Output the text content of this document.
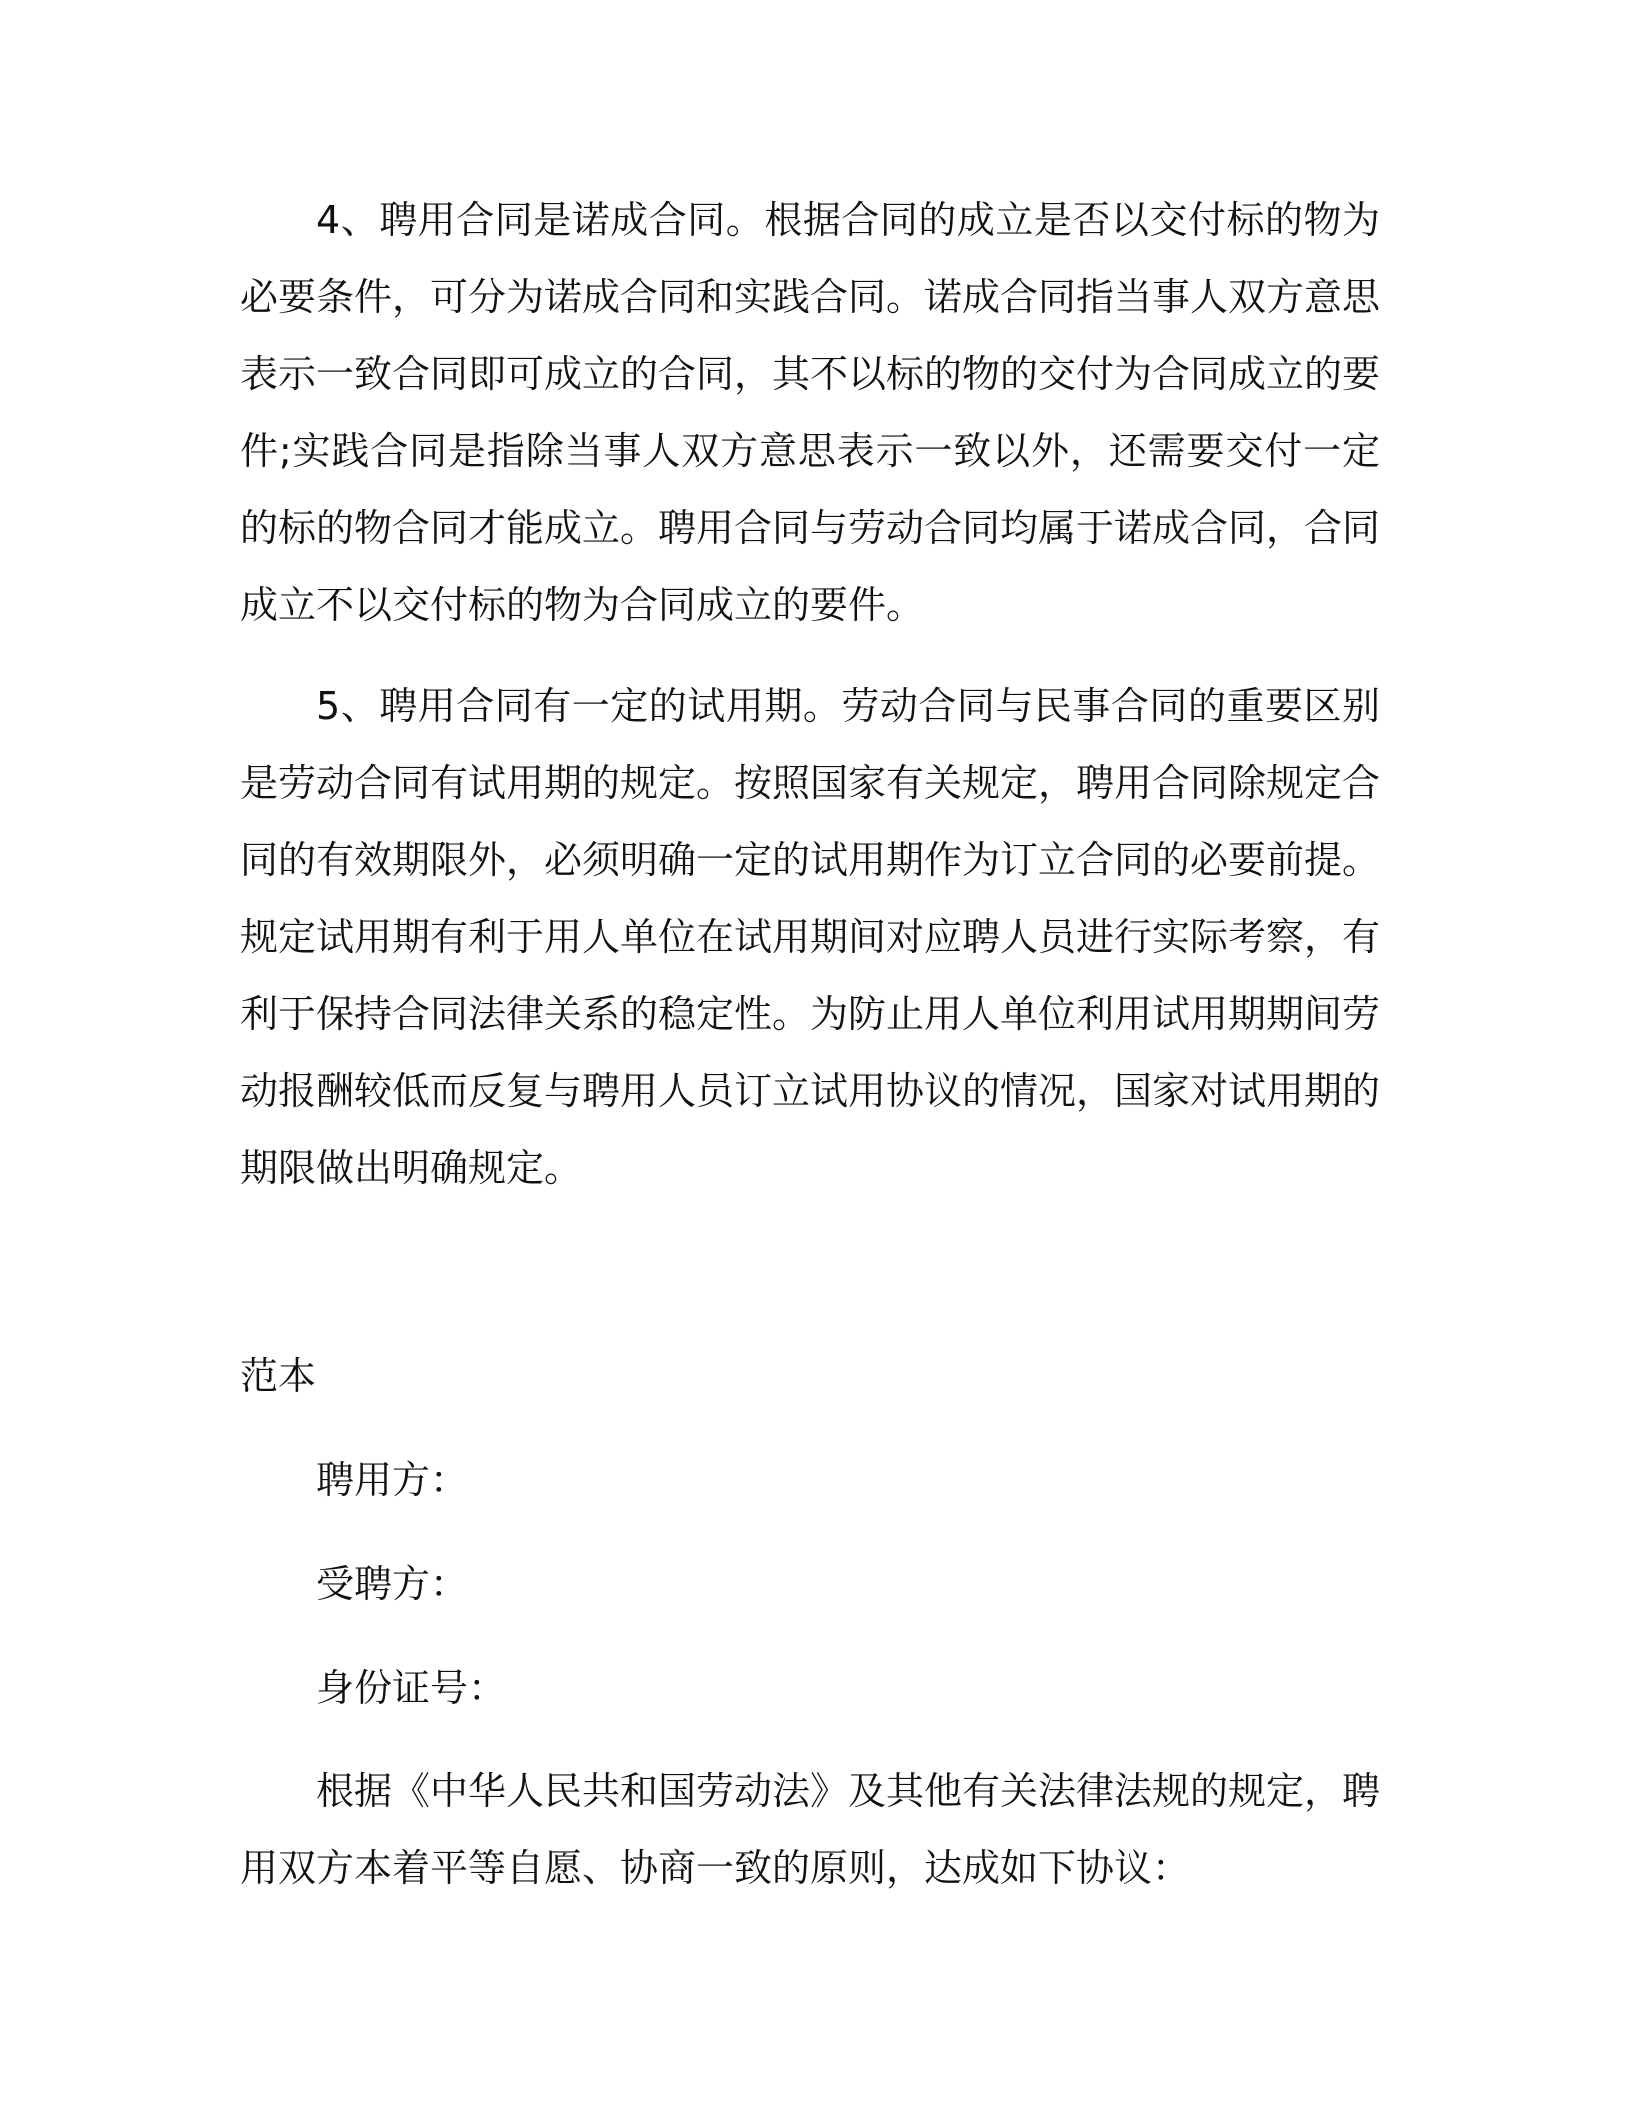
4、聘用合同是诺成合同。根据合同的成立是否以交付标的物为必要条件，可分为诺成合同和实践合同。诺成合同指当事人双方意思表示一致合同即可成立的合同，其不以标的物的交付为合同成立的要件;实践合同是指除当事人双方意思表示一致以外，还需要交付一定的标的物合同才能成立。聘用合同与劳动合同均属于诺成合同，合同成立不以交付标的物为合同成立的要件。

5、聘用合同有一定的试用期。劳动合同与民事合同的重要区别是劳动合同有试用期的规定。按照国家有关规定，聘用合同除规定合同的有效期限外，必须明确一定的试用期作为订立合同的必要前提。规定试用期有利于用人单位在试用期间对应聘人员进行实际考察，有利于保持合同法律关系的稳定性。为防止用人单位利用试用期期间劳动报酬较低而反复与聘用人员订立试用协议的情况，国家对试用期的期限做出明确规定。

范本

聘用方：

受聘方：

身份证号：

根据《中华人民共和国劳动法》及其他有关法律法规的规定，聘用双方本着平等自愿、协商一致的原则，达成如下协议：
